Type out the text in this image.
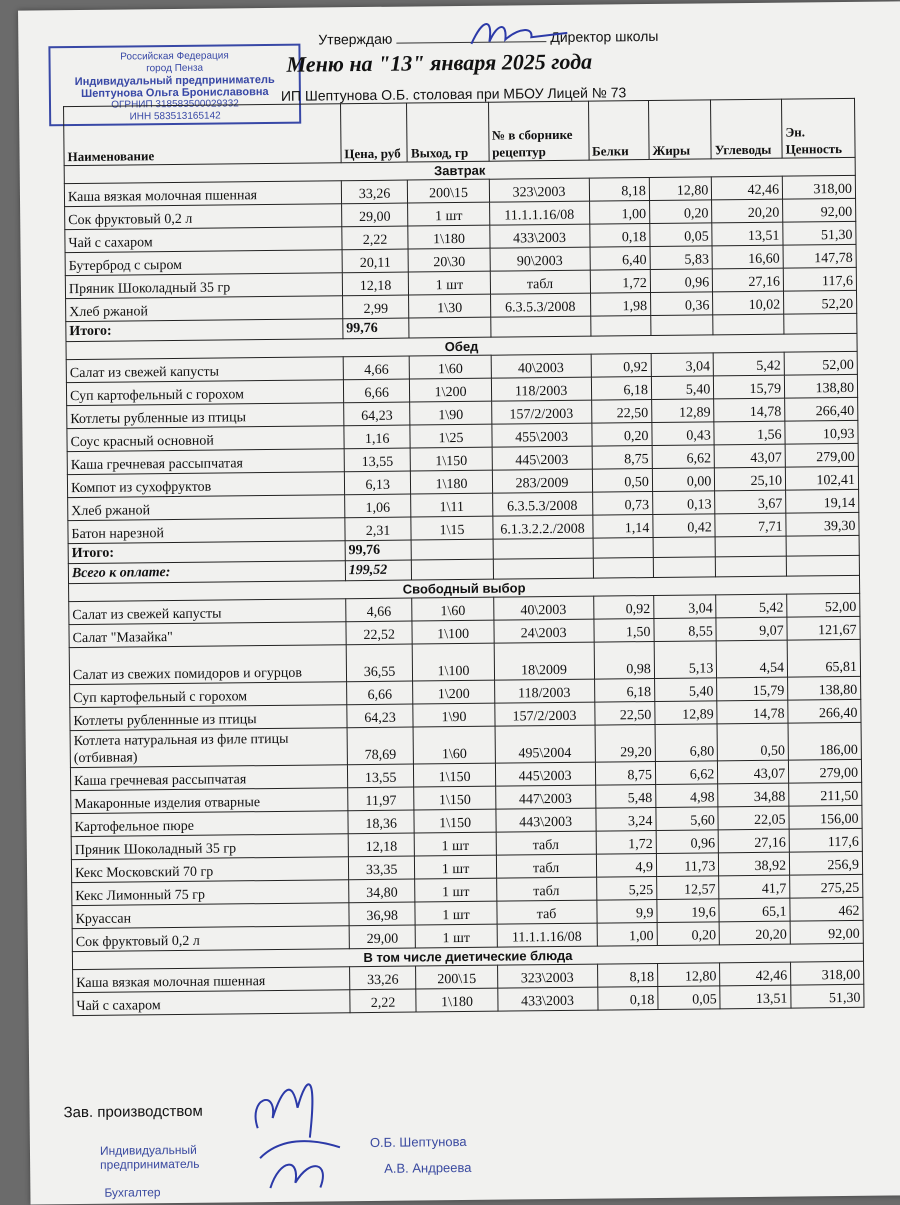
Утверждаю	Директор школы
Российская Федерация
город Пенза
Индивидуальный предприниматель
Шептунова Ольга Брониславовна
ОГРНИП 318583500029332
ИНН 583513165142
Меню на "13" января 2025 года
ИП Шептунова О.Б. столовая при МБОУ Лицей № 73
Наименование	Цена, руб	Выход, гр	№ в сборнике рецептур	Белки	Жиры	Углеводы	Эн. Ценность
Завтрак							
Каша вязкая молочная пшенная	33,26	200\15	323\2003	8,18	12,80	42,46	318,00
Сок фруктовый 0,2 л	29,00	1 шт	11.1.1.16/08	1,00	0,20	20,20	92,00
Чай с сахаром	2,22	1\180	433\2003	0,18	0,05	13,51	51,30
Бутерброд с сыром	20,11	20\30	90\2003	6,40	5,83	16,60	147,78
Пряник Шоколадный 35 гр	12,18	1 шт	табл	1,72	0,96	27,16	117,6
Хлеб ржаной	2,99	1\30	6.3.5.3/2008	1,98	0,36	10,02	52,20
Итого:	99,76						
Обед							
Салат из свежей капусты	4,66	1\60	40\2003	0,92	3,04	5,42	52,00
Суп картофельный с горохом	6,66	1\200	118/2003	6,18	5,40	15,79	138,80
Котлеты рубленные из птицы	64,23	1\90	157/2/2003	22,50	12,89	14,78	266,40
Соус красный основной	1,16	1\25	455\2003	0,20	0,43	1,56	10,93
Каша гречневая рассыпчатая	13,55	1\150	445\2003	8,75	6,62	43,07	279,00
Компот из сухофруктов	6,13	1\180	283/2009	0,50	0,00	25,10	102,41
Хлеб ржаной	1,06	1\11	6.3.5.3/2008	0,73	0,13	3,67	19,14
Батон нарезной	2,31	1\15	6.1.3.2.2./2008	1,14	0,42	7,71	39,30
Итого:	99,76						
Всего к оплате:	199,52						
Свободный выбор							
Салат из свежей капусты	4,66	1\60	40\2003	0,92	3,04	5,42	52,00
Салат "Мазайка"	22,52	1\100	24\2003	1,50	8,55	9,07	121,67
Салат из свежих помидоров и огурцов	36,55	1\100	18\2009	0,98	5,13	4,54	65,81
Суп картофельный с горохом	6,66	1\200	118/2003	6,18	5,40	15,79	138,80
Котлеты рубленнные из птицы	64,23	1\90	157/2/2003	22,50	12,89	14,78	266,40
Котлета натуральная из филе птицы (отбивная)	78,69	1\60	495\2004	29,20	6,80	0,50	186,00
Каша гречневая рассыпчатая	13,55	1\150	445\2003	8,75	6,62	43,07	279,00
Макаронные изделия отварные	11,97	1\150	447\2003	5,48	4,98	34,88	211,50
Картофельное пюре	18,36	1\150	443\2003	3,24	5,60	22,05	156,00
Пряник Шоколадный 35 гр	12,18	1 шт	табл	1,72	0,96	27,16	117,6
Кекс Московский 70 гр	33,35	1 шт	табл	4,9	11,73	38,92	256,9
Кекс Лимонный 75 гр	34,80	1 шт	табл	5,25	12,57	41,7	275,25
Круассан	36,98	1 шт	таб	9,9	19,6	65,1	462
Сок фруктовый 0,2 л	29,00	1 шт	11.1.1.16/08	1,00	0,20	20,20	92,00
В том числе диетические блюда							
Каша вязкая молочная пшенная	33,26	200\15	323\2003	8,18	12,80	42,46	318,00
Чай с сахаром	2,22	1\180	433\2003	0,18	0,05	13,51	51,30
Зав. производством
Индивидуальный
предприниматель
Бухгалтер
О.Б. Шептунова
А.В. Андреева
